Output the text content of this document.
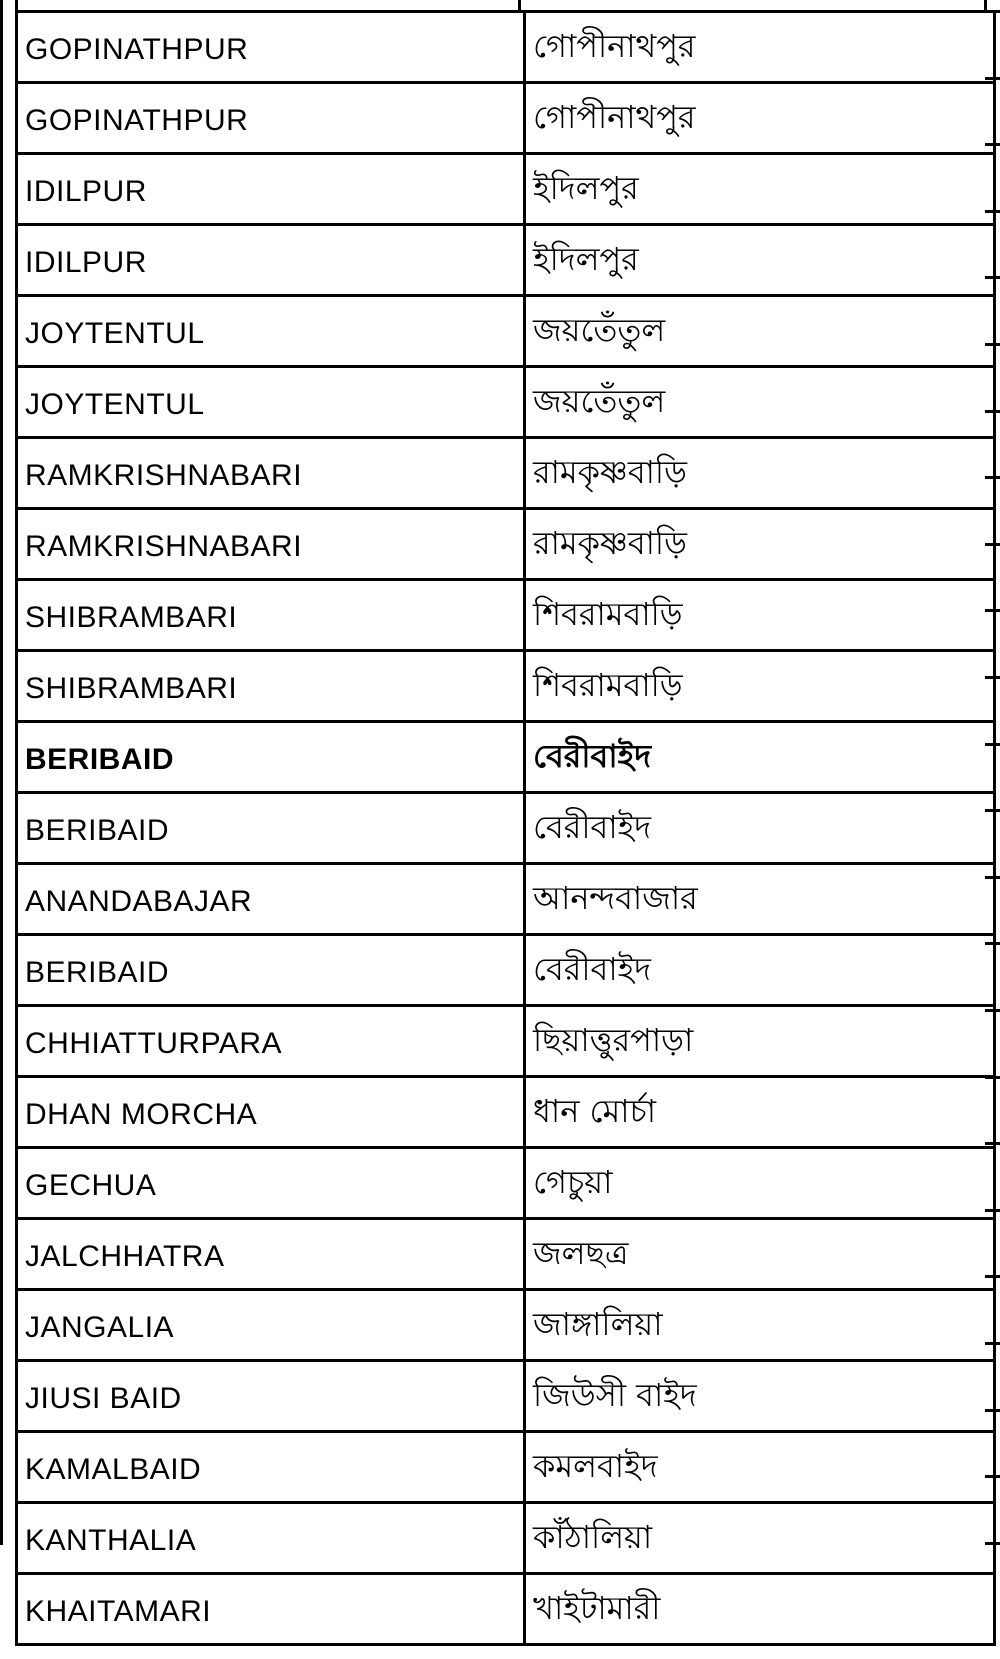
GOPINATHPUR	গোপীনাথপুর
GOPINATHPUR	গোপীনাথপুর
IDILPUR	ইদিলপুর
IDILPUR	ইদিলপুর
JOYTENTUL	জয়তেঁতুল
JOYTENTUL	জয়তেঁতুল
RAMKRISHNABARI	রামকৃষ্ণবাড়ি
RAMKRISHNABARI	রামকৃষ্ণবাড়ি
SHIBRAMBARI	শিবরামবাড়ি
SHIBRAMBARI	শিবরামবাড়ি
BERIBAID	বেরীবাইদ
BERIBAID	বেরীবাইদ
ANANDABAJAR	আনন্দবাজার
BERIBAID	বেরীবাইদ
CHHIATTURPARA	ছিয়াত্তুরপাড়া
DHAN MORCHA	ধান মোর্চা
GECHUA	গেচুয়া
JALCHHATRA	জলছত্র
JANGALIA	জাঙ্গালিয়া
JIUSI BAID	জিউসী বাইদ
KAMALBAID	কমলবাইদ
KANTHALIA	কাঁঠালিয়া
KHAITAMARI	খাইটামারী
